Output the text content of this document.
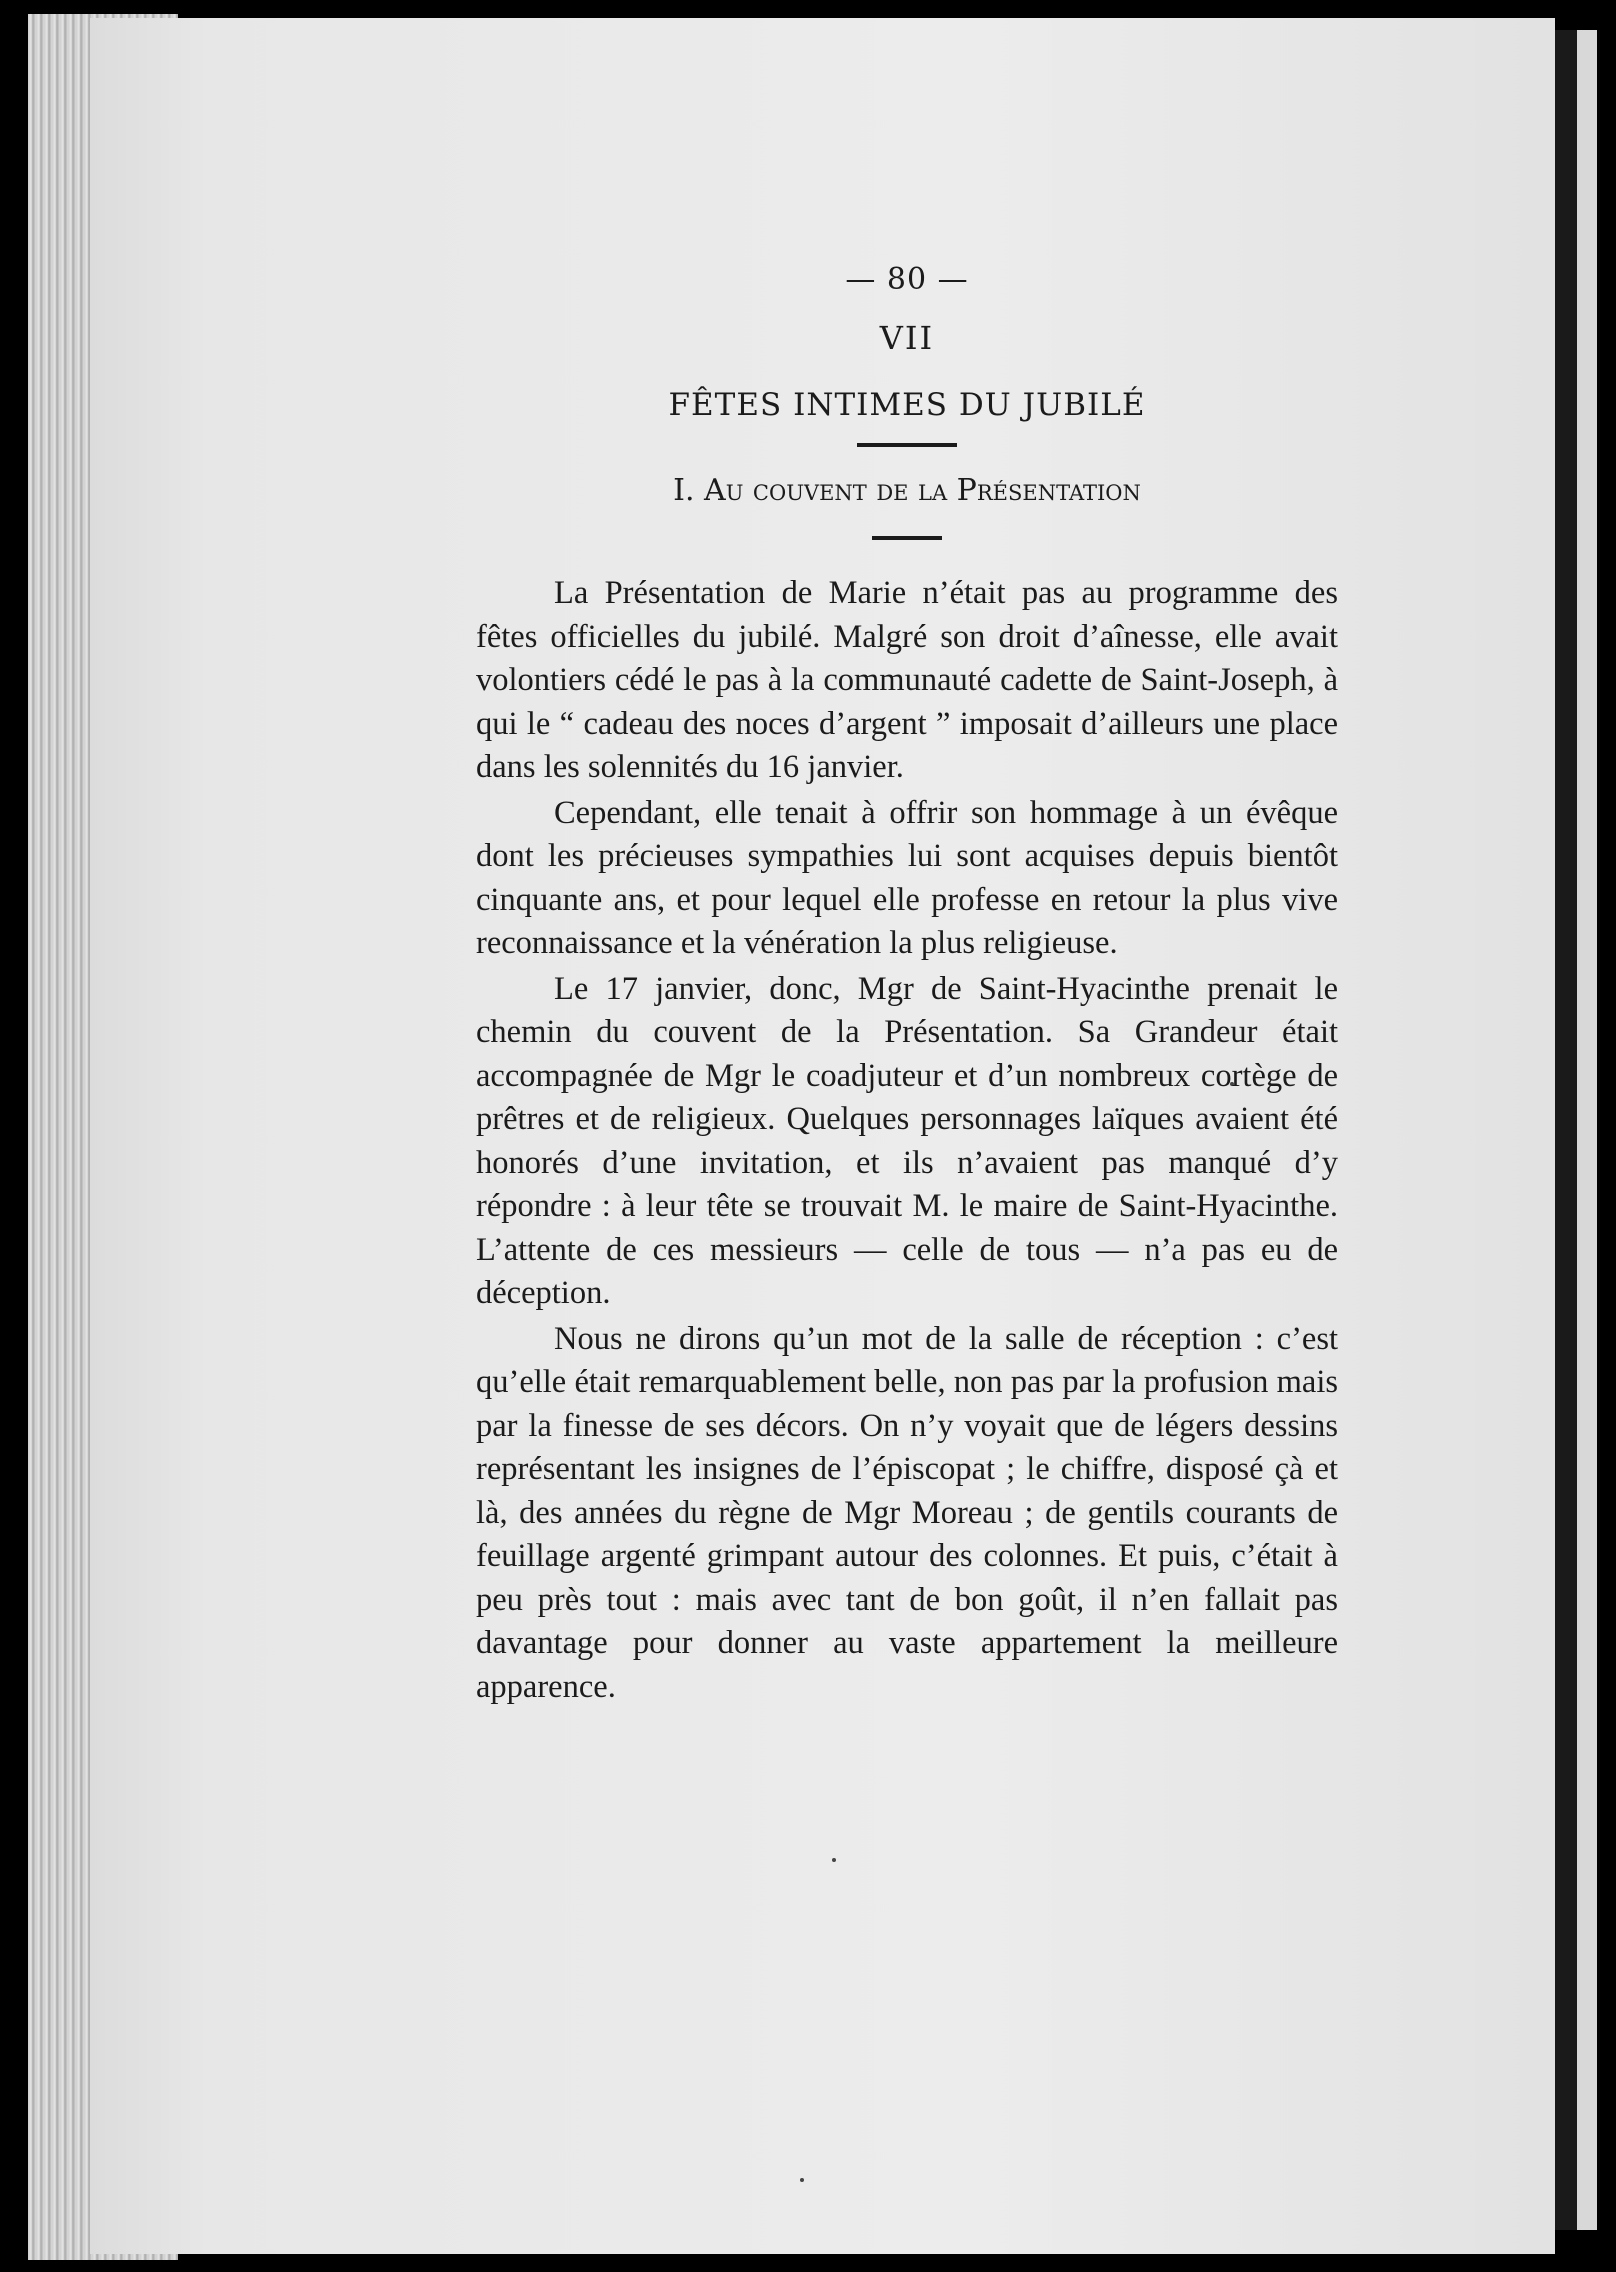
— 80 —
VII
FÊTES INTIMES DU JUBILÉ
I. Au couvent de la Présentation

La Présentation de Marie n’était pas au programme des fêtes officielles du jubilé. Malgré son droit d’aînesse, elle avait volontiers cédé le pas à la communauté cadette de Saint-Joseph, à qui le “ cadeau des noces d’argent ” imposait d’ailleurs une place dans les solennités du 16 janvier.

Cependant, elle tenait à offrir son hommage à un évêque dont les précieuses sympathies lui sont acquises depuis bientôt cinquante ans, et pour lequel elle professe en retour la plus vive reconnaissance et la vénération la plus religieuse.

Le 17 janvier, donc, Mgr de Saint-Hyacinthe prenait le chemin du couvent de la Présentation. Sa Grandeur était accompagnée de Mgr le coadjuteur et d’un nombreux cortège de prêtres et de religieux. Quelques personnages laïques avaient été honorés d’une invitation, et ils n’avaient pas manqué d’y répondre : à leur tête se trouvait M. le maire de Saint-Hyacinthe. L’attente de ces messieurs — celle de tous — n’a pas eu de déception.

Nous ne dirons qu’un mot de la salle de réception : c’est qu’elle était remarquablement belle, non pas par la profusion mais par la finesse de ses décors. On n’y voyait que de légers dessins représentant les insignes de l’épiscopat ; le chiffre, disposé çà et là, des années du règne de Mgr Moreau ; de gentils courants de feuillage argenté grimpant autour des colonnes. Et puis, c’était à peu près tout : mais avec tant de bon goût, il n’en fallait pas davantage pour donner au vaste appartement la meilleure apparence.
